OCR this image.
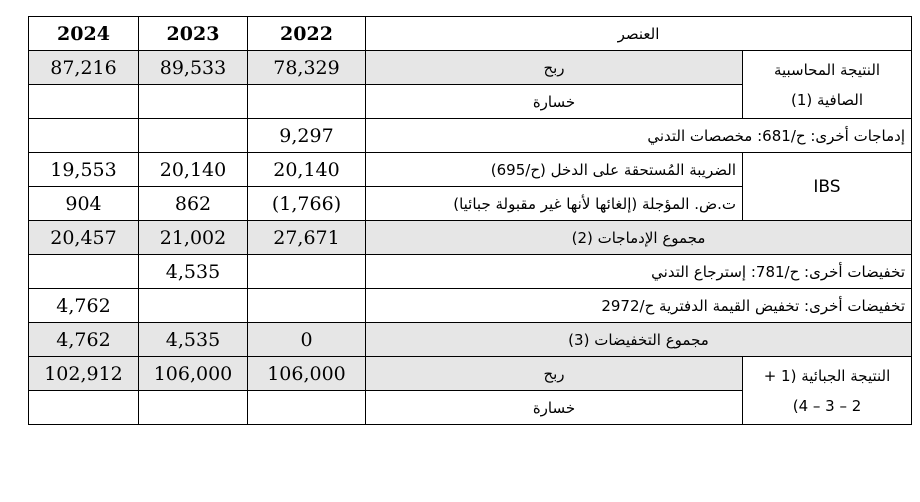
2024	2023	2022	العنصر	
87,216	89,533	78,329	ربح	النتيجة المحاسبية
الصافية (1)

			خسارة	
		9,297	إدماجات أخرى: ح/681: مخصصات التدني	
19,553	20,140	20,140	الضريبة المُستحقة على الدخل (ح/695)	IBS
904	862	(1,766)	ت.ض. المؤجلة (إلغائها لأنها غير مقبولة جبائيا)	
20,457	21,002	27,671	مجموع الإدماجات (2)	
	4,535		تخفيضات أخرى: ح/781: إسترجاع التدني	
4,762			تخفيضات أخرى: تخفيض القيمة الدفترية ح/2972	
4,762	4,535	0	مجموع التخفيضات (3)	
102,912	106,000	106,000	ربح	النتيجة الجبائية (1 +
2 – 3 – 4)

			خسارة	
